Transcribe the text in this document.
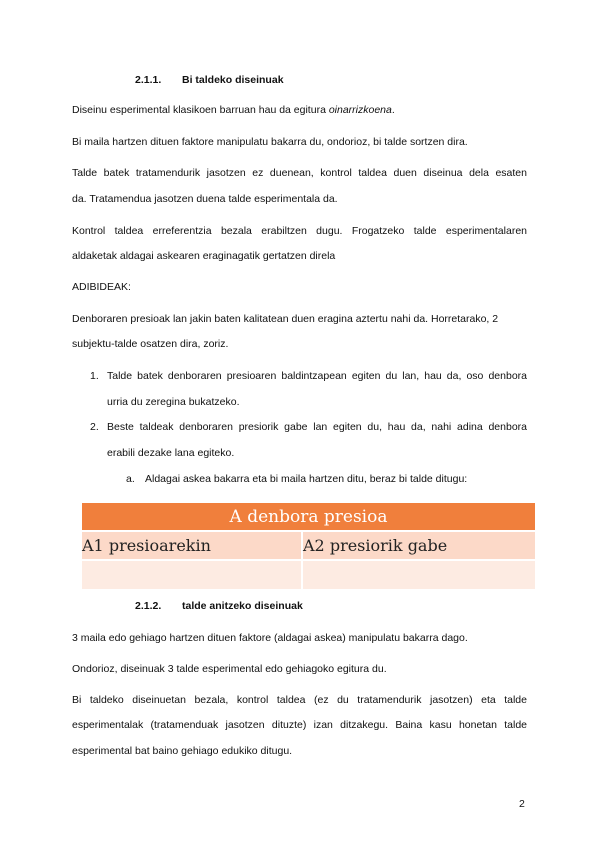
2.1.1. Bi taldeko diseinuak
Diseinu esperimental klasikoen barruan hau da egitura oinarrizkoena.
Bi maila hartzen dituen faktore manipulatu bakarra du, ondorioz, bi talde sortzen dira.
Talde batek tratamendurik jasotzen ez duenean, kontrol taldea duen diseinua dela esaten
da. Tratamendua jasotzen duena talde esperimentala da.
Kontrol taldea erreferentzia bezala erabiltzen dugu. Frogatzeko talde esperimentalaren
aldaketak aldagai askearen eraginagatik gertatzen direla
ADIBIDEAK:
Denboraren presioak lan jakin baten kalitatean duen eragina aztertu nahi da. Horretarako, 2
subjektu-talde osatzen dira, zoriz.
1. Talde batek denboraren presioaren baldintzapean egiten du lan, hau da, oso denbora
urria du zeregina bukatzeko.
2. Beste taldeak denboraren presiorik gabe lan egiten du, hau da, nahi adina denbora
erabili dezake lana egiteko.
a. Aldagai askea bakarra eta bi maila hartzen ditu, beraz bi talde ditugu:
A denbora presioa	
A1 presioarekin	A2 presiorik gabe

2.1.2. talde anitzeko diseinuak
3 maila edo gehiago hartzen dituen faktore (aldagai askea) manipulatu bakarra dago.
Ondorioz, diseinuak 3 talde esperimental edo gehiagoko egitura du.
Bi taldeko diseinuetan bezala, kontrol taldea (ez du tratamendurik jasotzen) eta talde
esperimentalak (tratamenduak jasotzen dituzte) izan ditzakegu. Baina kasu honetan talde
esperimental bat baino gehiago edukiko ditugu.
2
